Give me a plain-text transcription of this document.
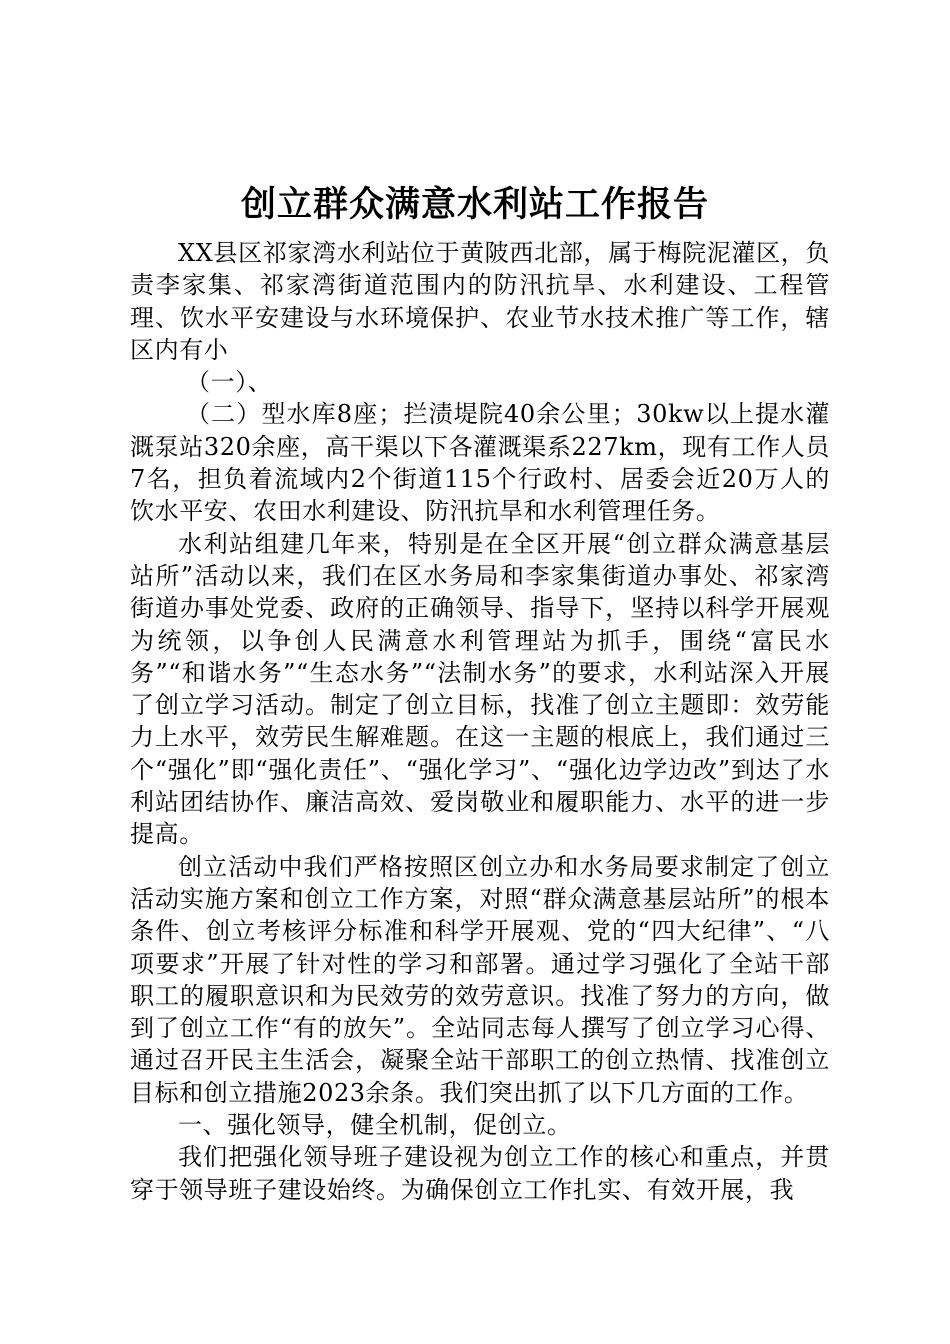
创立群众满意水利站工作报告

XX县区祁家湾水利站位于黄陂西北部，属于梅院泥灌区，负责李家集、祁家湾街道范围内的防汛抗旱、水利建设、工程管理、饮水平安建设与水环境保护、农业节水技术推广等工作，辖区内有小

（一）、

（二）型水库8座；拦渍堤院40余公里；30kw以上提水灌溉泵站320余座，高干渠以下各灌溉渠系227km，现有工作人员7名，担负着流域内2个街道115个行政村、居委会近20万人的饮水平安、农田水利建设、防汛抗旱和水利管理任务。

水利站组建几年来，特别是在全区开展“创立群众满意基层站所”活动以来，我们在区水务局和李家集街道办事处、祁家湾街道办事处党委、政府的正确领导、指导下，坚持以科学开展观为统领，以争创人民满意水利管理站为抓手，围绕“富民水务”“和谐水务”“生态水务”“法制水务”的要求，水利站深入开展了创立学习活动。制定了创立目标，找准了创立主题即：效劳能力上水平，效劳民生解难题。在这一主题的根底上，我们通过三个“强化”即“强化责任”、“强化学习”、“强化边学边改”到达了水利站团结协作、廉洁高效、爱岗敬业和履职能力、水平的进一步提高。

创立活动中我们严格按照区创立办和水务局要求制定了创立活动实施方案和创立工作方案，对照“群众满意基层站所”的根本条件、创立考核评分标准和科学开展观、党的“四大纪律”、“八项要求”开展了针对性的学习和部署。通过学习强化了全站干部职工的履职意识和为民效劳的效劳意识。找准了努力的方向，做到了创立工作“有的放矢”。全站同志每人撰写了创立学习心得、通过召开民主生活会，凝聚全站干部职工的创立热情、找准创立目标和创立措施2023余条。我们突出抓了以下几方面的工作。

一、强化领导，健全机制，促创立。

我们把强化领导班子建设视为创立工作的核心和重点，并贯穿于领导班子建设始终。为确保创立工作扎实、有效开展，我
